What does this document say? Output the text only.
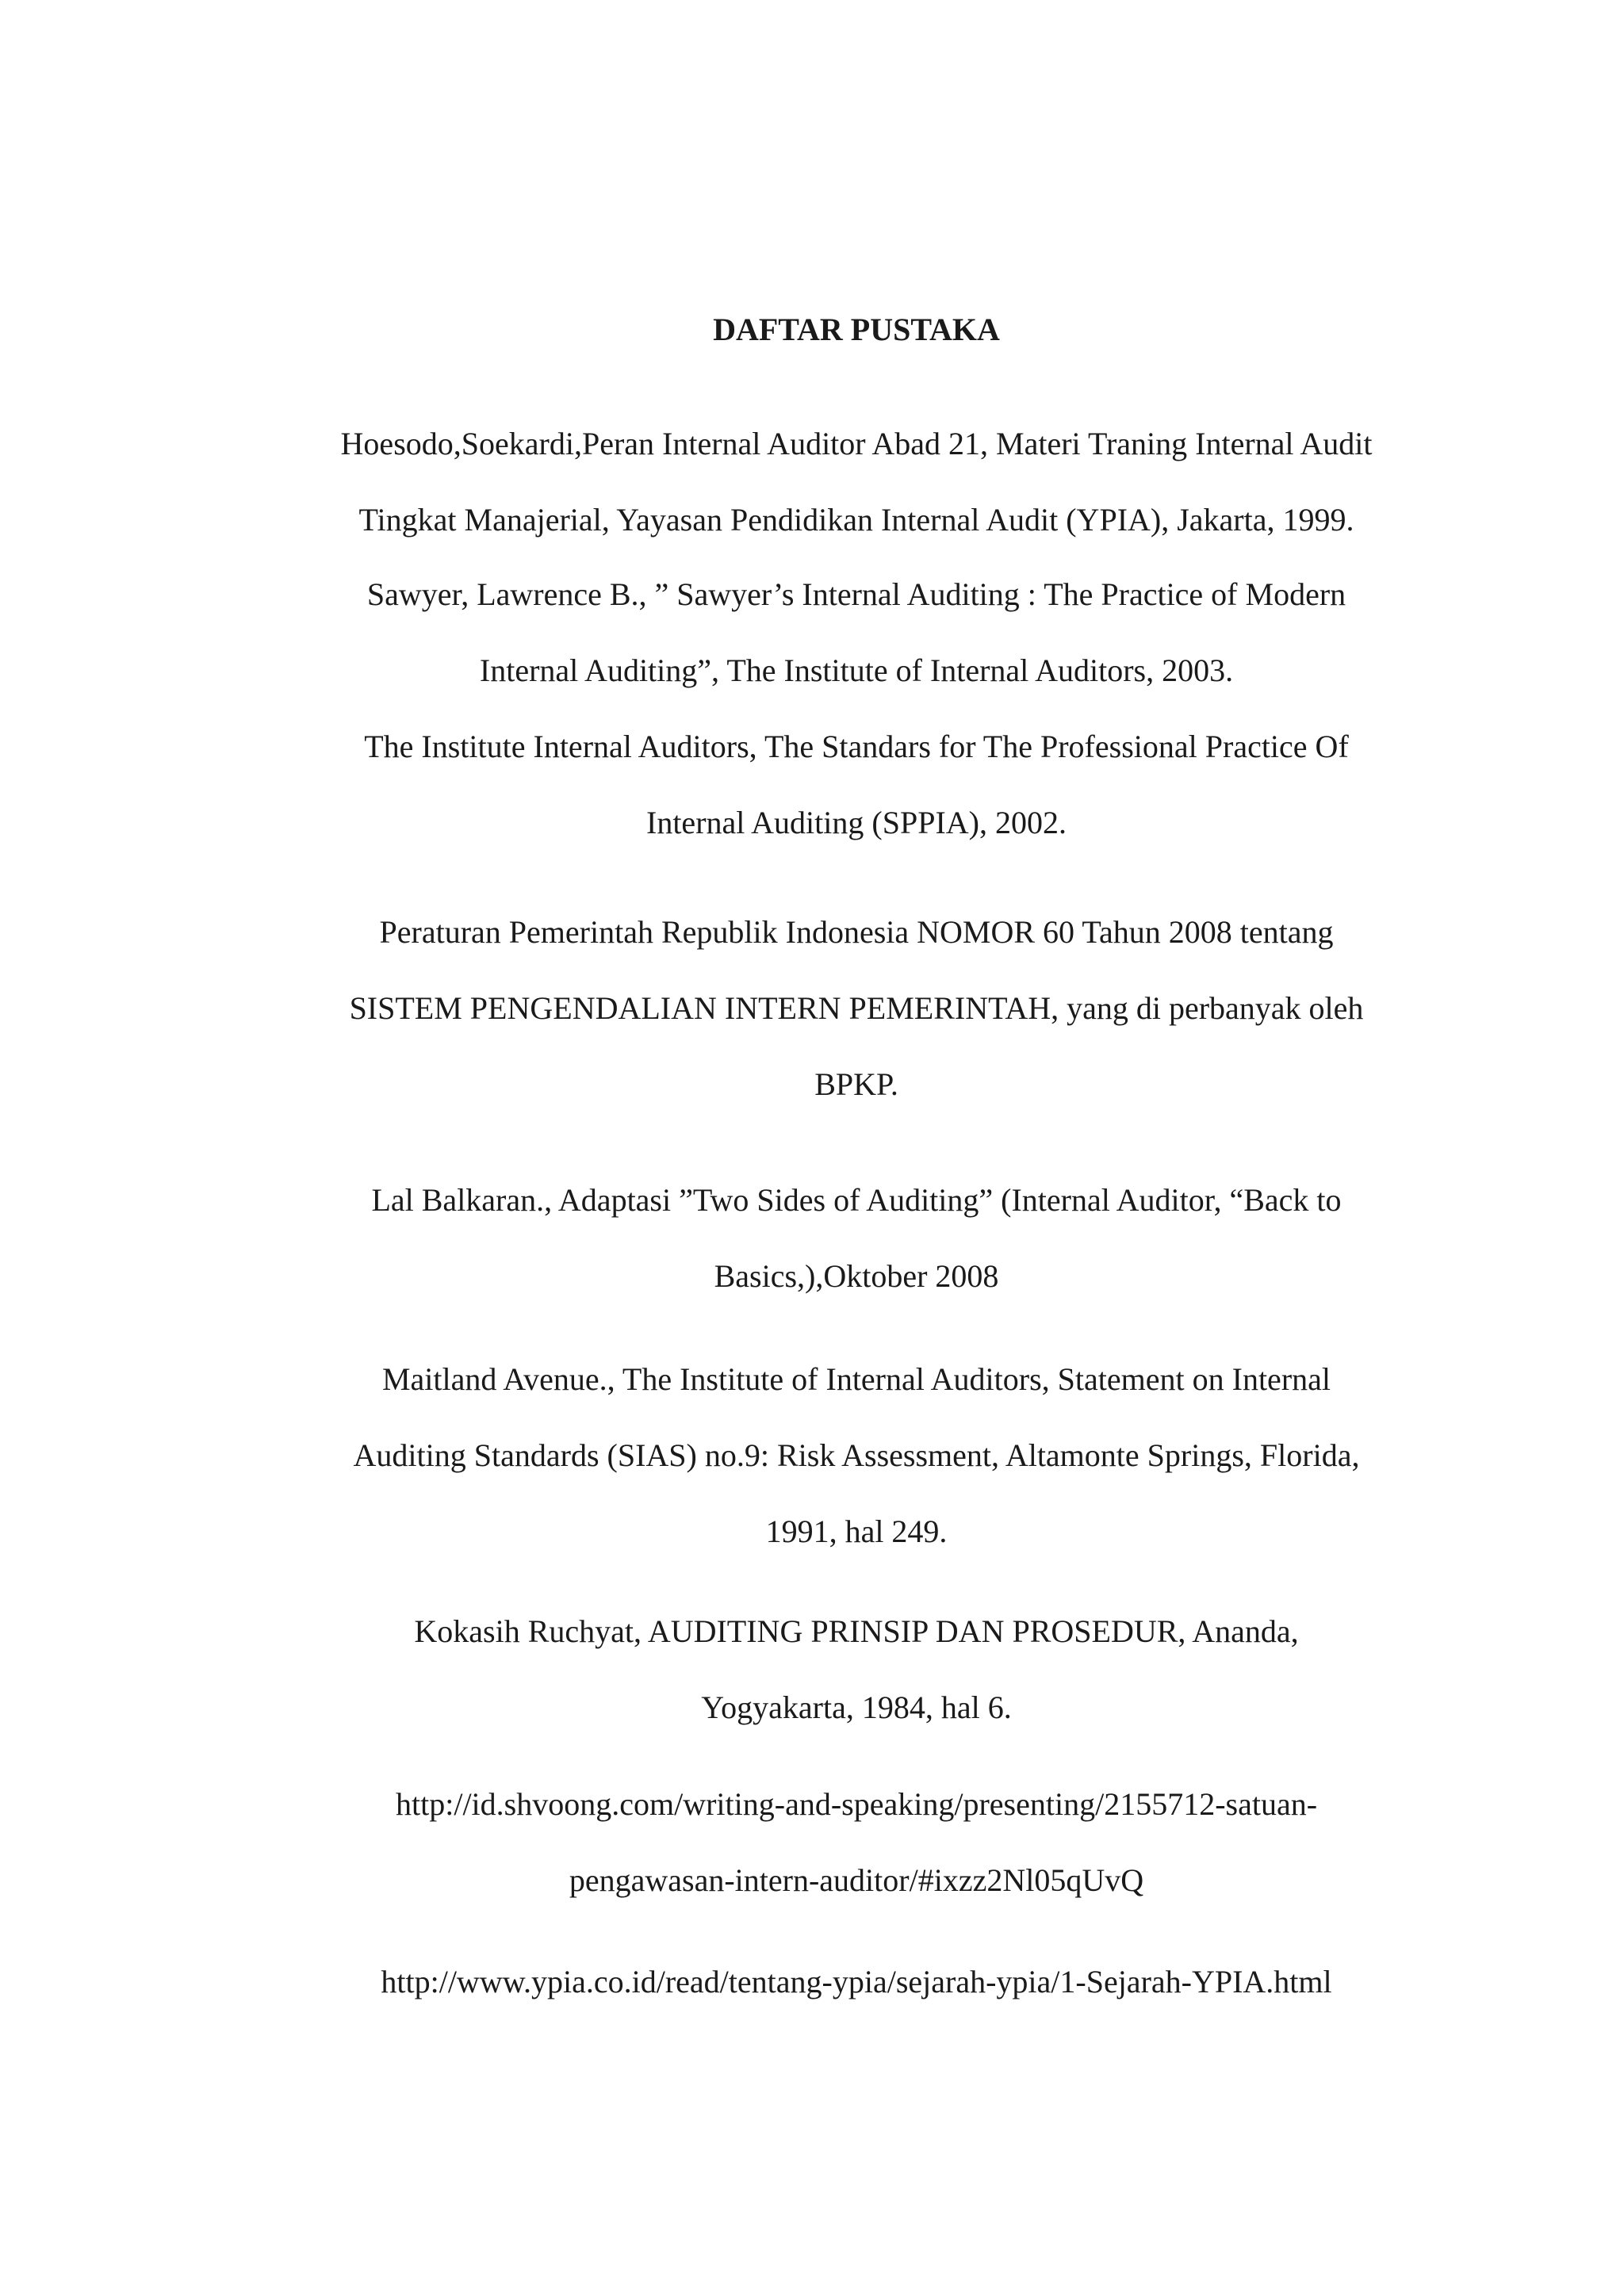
DAFTAR PUSTAKA

Hoesodo,Soekardi,Peran Internal Auditor Abad 21, Materi Traning Internal Audit
Tingkat Manajerial, Yayasan Pendidikan Internal Audit (YPIA), Jakarta, 1999.

Sawyer, Lawrence B., ” Sawyer’s Internal Auditing : The Practice of Modern
Internal Auditing”, The Institute of Internal Auditors, 2003.

The Institute Internal Auditors, The Standars for The Professional Practice Of
Internal Auditing (SPPIA), 2002.

Peraturan Pemerintah Republik Indonesia NOMOR 60 Tahun 2008 tentang
SISTEM PENGENDALIAN INTERN PEMERINTAH, yang di perbanyak oleh
BPKP.

Lal Balkaran., Adaptasi ”Two Sides of Auditing” (Internal Auditor, “Back to
Basics,),Oktober 2008

Maitland Avenue., The Institute of Internal Auditors, Statement on Internal
Auditing Standards (SIAS) no.9: Risk Assessment, Altamonte Springs, Florida,
1991, hal 249.

Kokasih Ruchyat, AUDITING PRINSIP DAN PROSEDUR, Ananda,
Yogyakarta, 1984, hal 6.

http://id.shvoong.com/writing-and-speaking/presenting/2155712-satuan-
pengawasan-intern-auditor/#ixzz2Nl05qUvQ

http://www.ypia.co.id/read/tentang-ypia/sejarah-ypia/1-Sejarah-YPIA.html
